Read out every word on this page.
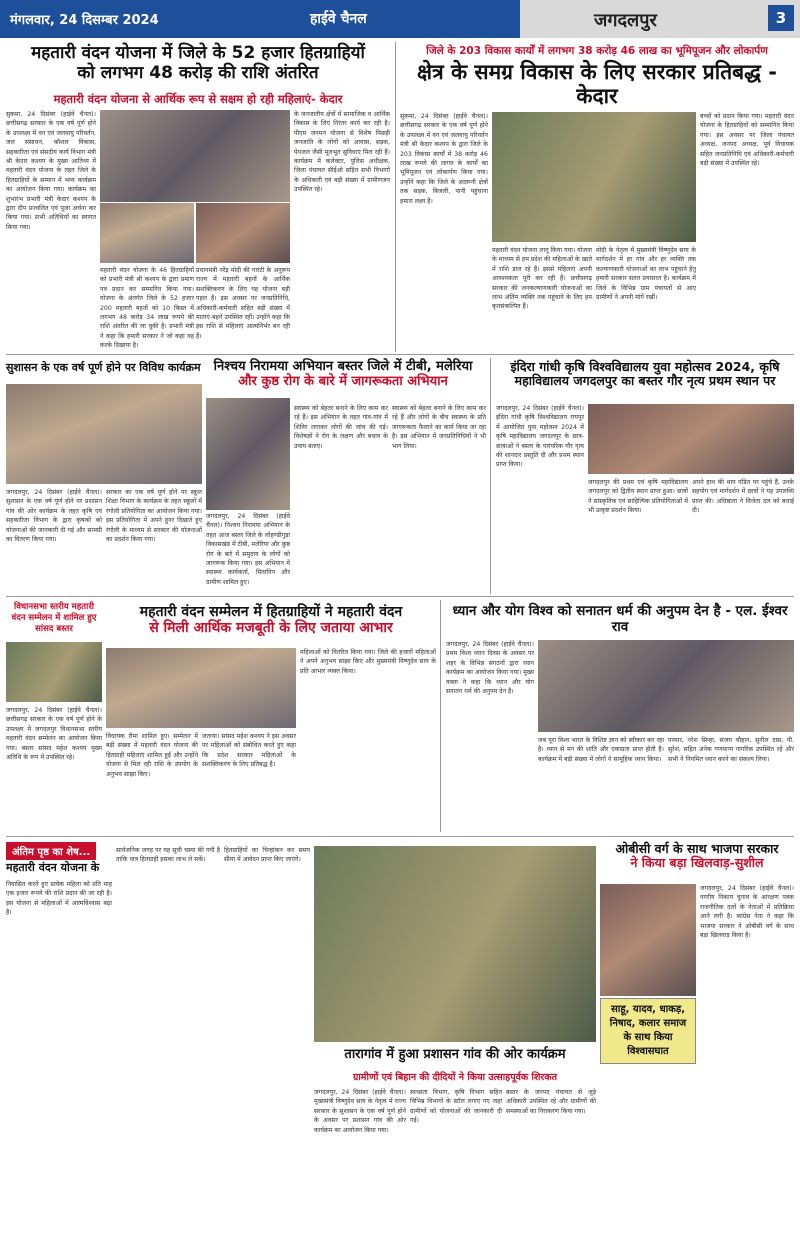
मंगलवार, 24 दिसम्बर 2024	हाईवे चैनल	जगदलपुर	3
महतारी वंदन योजना में जिले के 52 हजार हितग्राहियों
को लगभग 48 करोड़ की राशि अंतरित
महतारी वंदन योजना से आर्थिक रूप से सक्षम हो रही महिलाएं- केदार
सुकमा, 24 दिसंबर (हाईवे चैनल)। छत्तीसगढ़ सरकार के एक वर्ष पूर्ण होने के उपलक्ष्य में वन एवं जलवायु परिवर्तन, जल संसाधन, कौशल विकास, सहकारिता एवं संसदीय कार्य विभाग मंत्री श्री केदार कश्यप के मुख्य आतिथ्य में महतारी वंदन योजना के तहत जिले के हितग्राहियों के सम्मान में भव्य कार्यक्रम का आयोजन किया गया। कार्यक्रम का शुभारंभ प्रभारी मंत्री केदार कश्यप के द्वारा दीप प्रज्वलित एवं पूजा अर्चना कर किया गया। सभी अतिथियों का स्वागत किया गया।
महतारी वंदन योजना के 46 हितग्राहियों को प्रभारी मंत्री श्री कश्यप के द्वारा प्रमाण पत्र प्रदान कर सम्मानित किया गया। योजना के अंतर्गत जिले के 52 हजार 200 महतारी बहनों को 10 किस्त में लगभग 48 करोड़ 34 लाख रूपये की राशि अंतरित की जा चुकी है। प्रभारी मंत्री ने कहा कि हमारी सरकार ने जो कहा वह करके दिखाया है।
प्रधानमंत्री नरेंद्र मोदी की गारंटी के अनुरूप राज्य में महतारी बहनों के आर्थिक सशक्तिकरण के लिए यह योजना बड़ी पहल है। इस अवसर पर जनप्रतिनिधि, अधिकारी-कर्मचारी सहित बड़ी संख्या में माताएं-बहनें उपस्थित रहीं। उन्होंने कहा कि इस राशि से महिलाएं आत्मनिर्भर बन रही हैं।
के जनजातीय क्षेत्रों में सामाजिक व आर्थिक विकास के लिए निरंतर कार्य कर रही है। पीएम जनमन योजना से विशेष पिछड़ी जनजाति के लोगों को आवास, सड़क, पेयजल जैसी मूलभूत सुविधाएं मिल रही हैं। कार्यक्रम में कलेक्टर, पुलिस अधीक्षक, जिला पंचायत सीईओ सहित सभी विभागों के अधिकारी एवं बड़ी संख्या में ग्रामीणजन उपस्थित रहे।
जिले के 203 विकास कार्यों में लगभग 38 करोड़ 46 लाख का भूमिपूजन और लोकार्पण
क्षेत्र के समग्र विकास के लिए सरकार प्रतिबद्ध - केदार
सुकमा, 24 दिसंबर (हाईवे चैनल)। छत्तीसगढ़ सरकार के एक वर्ष पूर्ण होने के उपलक्ष्य में वन एवं जलवायु परिवर्तन मंत्री श्री केदार कश्यप के द्वारा जिले के 203 विकास कार्यों में 38 करोड़ 46 लाख रूपये की लागत के कार्यों का भूमिपूजन एवं लोकार्पण किया गया। उन्होंने कहा कि जिले के अंदरूनी क्षेत्रों तक सड़क, बिजली, पानी पहुंचाना हमारा लक्ष्य है।
महतारी वंदन योजना लागू किया गया। योजना के माध्यम से हम प्रदेश की महिलाओं के खाते में राशि डाल रहे हैं। इससे महिलाएं अपनी आवश्यकता पूरी कर रही हैं। छत्तीसगढ़ सरकार की जनकल्याणकारी योजनाओं का लाभ अंतिम व्यक्ति तक पहुंचाने के लिए हम कृतसंकल्पित हैं।
मोदी के नेतृत्व में मुख्यमंत्री विष्णुदेव साय के मार्गदर्शन में हर गांव और हर व्यक्ति तक कल्याणकारी योजनाओं का लाभ पहुंचाने हेतु हमारी सरकार सतत प्रयासरत है। कार्यक्रम में जिले के विभिन्न ग्राम पंचायतों से आए ग्रामीणों ने अपनी मांगें रखीं।
बच्चों को प्रदान किया गया। महतारी वंदन योजना के हितग्राहियों को सम्मानित किया गया। इस अवसर पर जिला पंचायत अध्यक्ष, जनपद अध्यक्ष, पूर्व विधायक सहित जनप्रतिनिधि एवं अधिकारी-कर्मचारी बड़ी संख्या में उपस्थित रहे।
सुशासन के एक वर्ष पूर्ण होने पर विविध कार्यक्रम
जगदलपुर, 24 दिसंबर (हाईवे चैनल)। सुशासन के एक वर्ष पूर्ण होने पर प्रशासन गांव की ओर कार्यक्रम के तहत कृषि एवं सहकारिता विभाग के द्वारा कृषकों को योजनाओं की जानकारी दी गई और सामग्री का वितरण किया गया।
निश्चय निरामया अभियान बस्तर जिले में टीबी, मलेरिया
और कुष्ठ रोग के बारे में जागरूकता अभियान
सरकार का एक वर्ष पूर्ण होने पर स्कूल शिक्षा विभाग के कार्यक्रम के तहत स्कूलों में रंगोली प्रतियोगिता का आयोजन किया गया। इस प्रतियोगिता में अपने हुनर दिखाते हुए रंगोली के माध्यम से सरकार की योजनाओं का प्रदर्शन किया गया।
जगदलपुर, 24 दिसंबर (हाईवे चैनल)। निश्चय निरामया अभियान के तहत आज बस्तर जिले के लोहण्डीगुड़ा विकासखंड में टीबी, मलेरिया और कुष्ठ रोग के बारे में समुदाय के लोगों को जागरूक किया गया। इस अभियान में स्वास्थ्य कार्यकर्ता, मितानिन और ग्रामीण शामिल हुए।
स्वास्थ्य को बेहतर बनाने के लिए काम कर रहे हैं। इस अभियान के तहत गांव-गांव में शिविर लगाकर लोगों की जांच की गई। विशेषज्ञों ने रोग के लक्षण और बचाव के उपाय बताए।
स्वास्थ्य को बेहतर बनाने के लिए काम कर रहे हैं और लोगों के बीच स्वास्थ्य के प्रति जागरूकता फैलाने का कार्य किया जा रहा है। इस अभियान में जनप्रतिनिधियों ने भी भाग लिया।
इंदिरा गांधी कृषि विश्वविद्यालय युवा महोत्सव 2024, कृषि महाविद्यालय जगदलपुर का बस्तर गौर नृत्य प्रथम स्थान पर
जगदलपुर, 24 दिसंबर (हाईवे चैनल)। इंदिरा गांधी कृषि विश्वविद्यालय रायपुर में आयोजित युवा महोत्सव 2024 में कृषि महाविद्यालय जगदलपुर के छात्र-छात्राओं ने बस्तर के पारंपरिक गौर नृत्य की शानदार प्रस्तुति दी और प्रथम स्थान प्राप्त किया।
जगदलपुर की प्रथम एवं कृषि महाविद्यालय जगदलपुर को द्वितीय स्थान प्राप्त हुआ। छात्रों ने सांस्कृतिक एवं साहित्यिक प्रतियोगिताओं में भी उत्कृष्ट प्रदर्शन किया।
अपने हाथ की थाप पंडित पर पहुंचे हैं, उनके सहयोग एवं मार्गदर्शन में छात्रों ने यह उपलब्धि प्राप्त की। अधिष्ठाता ने विजेता दल को बधाई दी।
विधानसभा स्तरीय महतारी वंदन सम्मेलन में शामिल हुए सांसद बस्तर
जगदलपुर, 24 दिसंबर (हाईवे चैनल)। छत्तीसगढ़ सरकार के एक वर्ष पूर्ण होने के उपलक्ष्य में जगदलपुर विधानसभा स्तरीय महतारी वंदन सम्मेलन का आयोजन किया गया। बस्तर सांसद महेश कश्यप मुख्य अतिथि के रूप में उपस्थित रहे।
महतारी वंदन सम्मेलन में हितग्राहियों ने महतारी वंदन
से मिली आर्थिक मजबूती के लिए जताया आभार
विधायक रीमा शामिल हुए। सम्मेलन में बड़ी संख्या में महतारी वंदन योजना की हितग्राही महिलाएं शामिल हुईं और उन्होंने योजना से मिल रही राशि के उपयोग के अनुभव साझा किए।
जताया। सांसद महेश कश्यप ने इस अवसर पर महिलाओं को संबोधित करते हुए कहा कि प्रदेश सरकार महिलाओं के सशक्तिकरण के लिए प्रतिबद्ध है।
महिलाओं को वितरित किया गया। जिले की हजारों महिलाओं ने अपने अनुभव साझा किए और मुख्यमंत्री विष्णुदेव साय के प्रति आभार व्यक्त किया।
ध्यान और योग विश्व को सनातन धर्म की अनुपम देन है - एल. ईश्वर राव
जगदलपुर, 24 दिसंबर (हाईवे चैनल)। प्रथम विश्व ध्यान दिवस के अवसर पर शहर के विभिन्न संगठनों द्वारा ध्यान कार्यक्रम का आयोजन किया गया। मुख्य वक्ता ने कहा कि ध्यान और योग सनातन धर्म की अनुपम देन है।
जब पूरा विश्व भारत के विशिष्ट ज्ञान को स्वीकार कर रहा है। ध्यान से मन की शांति और एकाग्रता प्राप्त होती है। कार्यक्रम में बड़ी संख्या में लोगों ने सामूहिक ध्यान किया।
परमार, नरेश सिन्हा, संजय चौहान, सुनील दास, पी. सुरेश, सहित अनेक गणमान्य नागरिक उपस्थित रहे और सभी ने नियमित ध्यान करने का संकल्प लिया।
अंतिम पृष्ठ का शेष...
महतारी वंदन योजना के
निवासित करते हुए प्रत्येक महिला को प्रति माह एक हजार रूपये की राशि प्रदान की जा रही है। इस योजना से महिलाओं में आत्मविश्वास बढ़ा है।
सार्वजनिक जगह पर यह सूची चस्पा की गयी है ताकि पात्र हितग्राही इसका लाभ ले सकें।
हितग्राहियों का चिन्हांकन कर समय सीमा में आवेदन प्राप्त किए जाएंगे।
ओबीसी वर्ग के साथ भाजपा सरकार
ने किया बड़ा खिलवाड़-सुशील
साहू, यादव, धाकड़, निषाद, कलार समाज के साथ किया विश्वासघात
जगदलपुर, 24 दिसंबर (हाईवे चैनल)। नगरीय निकाय चुनाव के आरक्षण पत्रक राजनीतिक दलों के नेताओं में प्रतिक्रिया आने लगी है। कांग्रेस नेता ने कहा कि भाजपा सरकार ने ओबीसी वर्ग के साथ बड़ा खिलवाड़ किया है।
तारागांव में हुआ प्रशासन गांव की ओर कार्यक्रम
ग्रामीणों एवं बिहान की दीदियों ने किया उत्साहपूर्वक शिरकत
जगदलपुर, 24 दिसंबर (हाईवे चैनल)। मुख्यमंत्री विष्णुदेव साय के नेतृत्व में राज्य सरकार के सुशासन के एक वर्ष पूर्ण होने के अवसर पर प्रशासन गांव की ओर कार्यक्रम का आयोजन किया गया।
स्वच्छता विभाग, कृषि विभाग सहित विभिन्न विभागों के स्टॉल लगाए गए जहां ग्रामीणों को योजनाओं की जानकारी दी गई।
बस्तर के जनपद पंचायत से जुड़े अधिकारी उपस्थित रहे और ग्रामीणों की समस्याओं का निराकरण किया गया।
